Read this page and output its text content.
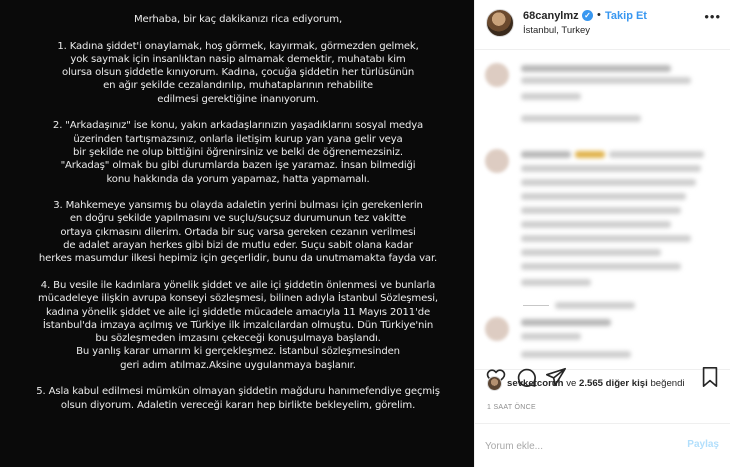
Merhaba, bir kaç dakikanızı rica ediyorum,
1. Kadına şiddet'i onaylamak, hoş görmek, kayırmak, görmezden gelmek,
yok saymak için insanlıktan nasip almamak demektir, muhatabı kim
olursa olsun şiddetle kınıyorum. Kadına, çocuğa şiddetin her türlüsünün
en ağır şekilde cezalandırılıp, muhataplarının rehabilite
edilmesi gerektiğine inanıyorum.
2. "Arkadaşınız" ise konu, yakın arkadaşlarınızın yaşadıklarını sosyal medya
üzerinden tartışmazsınız, onlarla iletişim kurup yan yana gelir veya
bir şekilde ne olup bittiğini öğrenirsiniz ve belki de öğrenemezsiniz.
"Arkadaş" olmak bu gibi durumlarda bazen işe yaramaz. İnsan bilmediği
konu hakkında da yorum yapamaz, hatta yapmamalı.
3. Mahkemeye yansımış bu olayda adaletin yerini bulması için gerekenlerin
en doğru şekilde yapılmasını ve suçlu/suçsuz durumunun tez vakitte
ortaya çıkmasını dilerim. Ortada bir suç varsa gereken cezanın verilmesi
de adalet arayan herkes gibi bizi de mutlu eder. Suçu sabit olana kadar
herkes masumdur ilkesi hepimiz için geçerlidir, bunu da unutmamakta fayda var.
4. Bu vesile ile kadınlara yönelik şiddet ve aile içi şiddetin önlenmesi ve bunlarla
mücadeleye ilişkin avrupa konseyi sözleşmesi, bilinen adıyla İstanbul Sözleşmesi,
kadına yönelik şiddet ve aile içi şiddetle mücadele amacıyla 11 Mayıs 2011'de
İstanbul'da imzaya açılmış ve Türkiye ilk imzalcılardan olmuştu. Dün Türkiye'nin
bu sözleşmeden imzasını çekeceği konuşulmaya başlandı.
Bu yanlış karar umarım ki gerçekleşmez. İstanbul sözleşmesinden
geri adım atılmaz.Aksine uygulanmaya başlanır.
5. Asla kabul edilmesi mümkün olmayan şiddetin mağduru hanımefendiye geçmiş
olsun diyorum. Adaletin vereceği kararı hep birlikte bekleyelim, görelim.
68canylmz ✓ • Takip Et
İstanbul, Turkey
•••
sevketcoruh ve 2.565 diğer kişi beğendi
1 SAAT ÖNCE
Yorum ekle...
Paylaş
